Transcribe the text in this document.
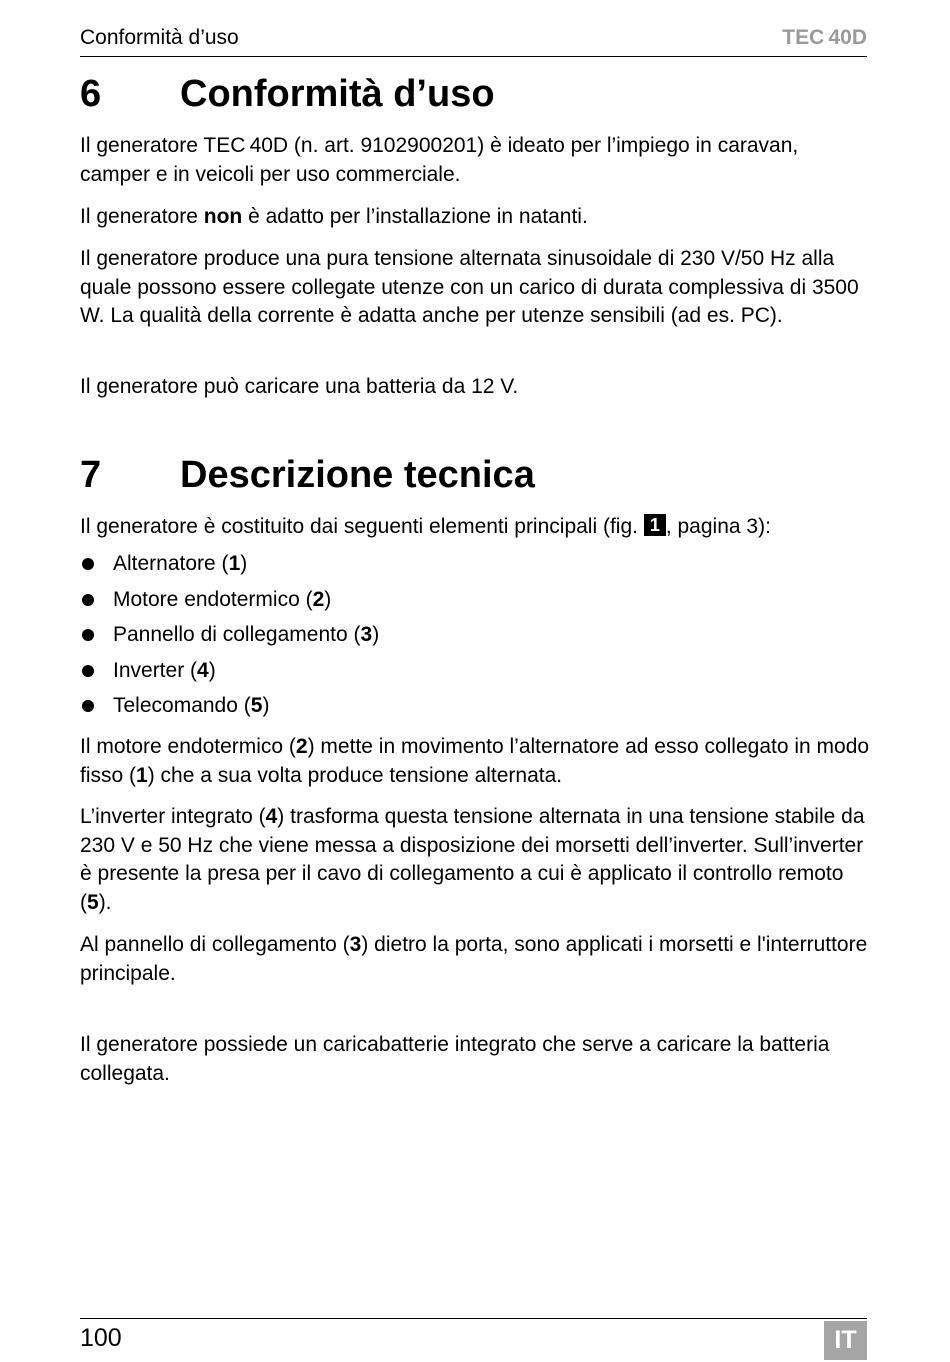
Conformità d’uso	TEC 40D
6 Conformità d’uso

Il generatore TEC 40D (n. art. 9102900201) è ideato per l’impiego in caravan, camper e in veicoli per uso commerciale.

Il generatore non è adatto per l’installazione in natanti.

Il generatore produce una pura tensione alternata sinusoidale di 230 V/50 Hz alla quale possono essere collegate utenze con un carico di durata complessiva di 3500 W. La qualità della corrente è adatta anche per utenze sensibili (ad es. PC).

Il generatore può caricare una batteria da 12 V.

7 Descrizione tecnica

Il generatore è costituito dai seguenti elementi principali (fig. 1 , pagina 3):

Alternatore (1)
Motore endotermico (2)
Pannello di collegamento (3)
Inverter (4)
Telecomando (5)

Il motore endotermico (2) mette in movimento l’alternatore ad esso collegato in modo fisso (1) che a sua volta produce tensione alternata.

L’inverter integrato (4) trasforma questa tensione alternata in una tensione stabile da 230 V e 50 Hz che viene messa a disposizione dei morsetti dell’inverter. Sull’inverter è presente la presa per il cavo di collegamento a cui è applicato il controllo remoto (5).

Al pannello di collegamento (3) dietro la porta, sono applicati i morsetti e l'interruttore principale.

Il generatore possiede un caricabatterie integrato che serve a caricare la batteria collegata.

100	IT
